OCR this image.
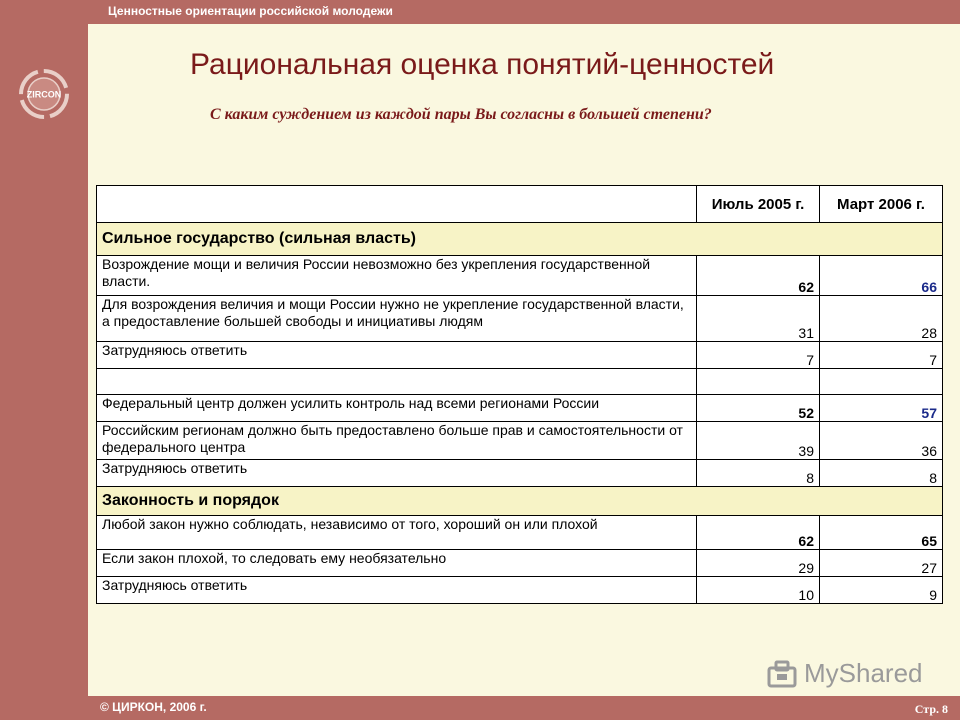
Ценностные ориентации российской молодежи
ZIRCON
Рациональная оценка понятий-ценностей
С каким суждением из каждой пары Вы согласны в большей степени?
	Июль 2005 г.	Март 2006 г.
Сильное государство (сильная власть)		
Возрождение мощи и величия России невозможно без укрепления государственной власти.	62	66
Для возрождения величия и мощи России нужно не укрепление государственной власти, а предоставление большей свободы и инициативы людям	31	28
Затрудняюсь ответить	7	7

Федеральный центр должен усилить контроль над всеми регионами России	52	57
Российским регионам должно быть предоставлено больше прав и самостоятельности от федерального центра	39	36
Затрудняюсь ответить	8	8
Законность и порядок		
Любой закон нужно соблюдать, независимо от того, хороший он или плохой	62	65
Если закон плохой, то следовать ему необязательно	29	27
Затрудняюсь ответить	10	9
MyShared
© ЦИРКОН, 2006 г.	Стр. 8
